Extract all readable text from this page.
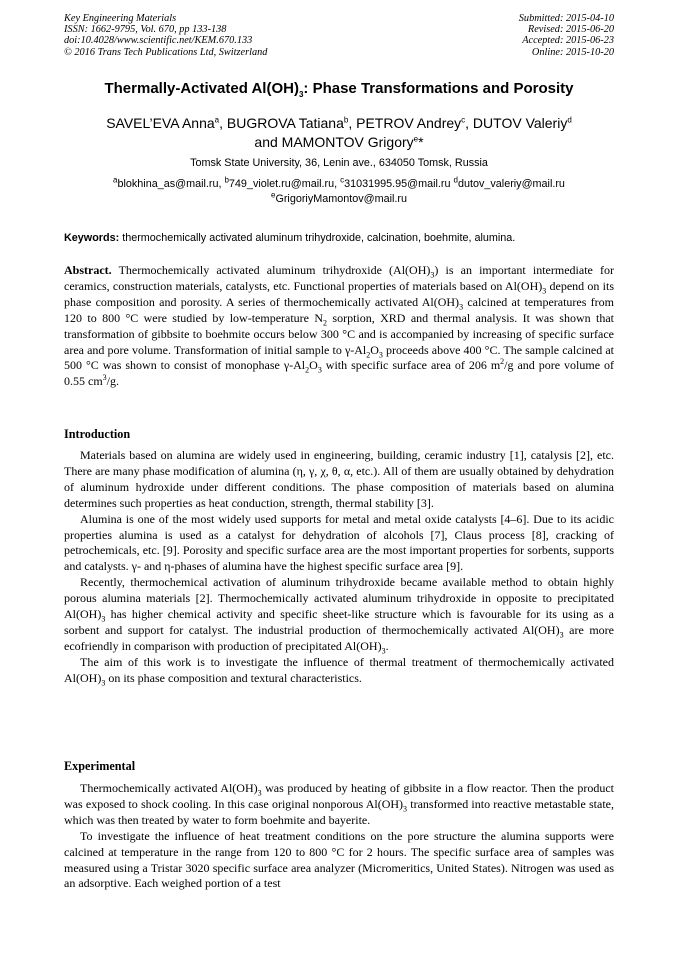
Key Engineering Materials
ISSN: 1662-9795, Vol. 670, pp 133-138
doi:10.4028/www.scientific.net/KEM.670.133
© 2016 Trans Tech Publications Ltd, Switzerland
Submitted: 2015-04-10
Revised: 2015-06-20
Accepted: 2015-06-23
Online: 2015-10-20
Thermally-Activated $Al(OH)_3$: Phase Transformations and Porosity
SAVEL’EVA Anna$^a$, BUGROVA Tatiana$^b$, PETROV Andrey$^c$, DUTOV Valeriy$^d$
and MAMONTOV Grigory$^e$*
Tomsk State University, 36, Lenin ave., 634050 Tomsk, Russia
$^a$blokhina_as@mail.ru, $^b$749_violet.ru@mail.ru, $^c$31031995.95@mail.ru $^d$dutov_valeriy@mail.ru
$^e$GrigoriyMamontov@mail.ru
Keywords: thermochemically activated aluminum trihydroxide, calcination, boehmite, alumina.

Abstract. Thermochemically activated aluminum trihydroxide $(Al(OH)_3)$ is an important intermediate for ceramics, construction materials, catalysts, etc. Functional properties of materials based on $Al(OH)_3$ depend on its phase composition and porosity. A series of thermochemically activated $Al(OH)_3$ calcined at temperatures from 120 to 800 °C were studied by low-temperature $N_2$ sorption, XRD and thermal analysis. It was shown that transformation of gibbsite to boehmite occurs below 300 °C and is accompanied by increasing of specific surface area and pore volume. Transformation of initial sample to $\gamma-Al_2O_3$ proceeds above 400 °C. The sample calcined at 500 °C was shown to consist of monophase $\gamma-Al_2O_3$ with specific surface area of 206 $m^2/g$ and pore volume of 0.55 $cm^3/g$.

Introduction

Materials based on alumina are widely used in engineering, building, ceramic industry [1], catalysis [2], etc. There are many phase modification of alumina (η, γ, χ, θ, α, etc.). All of them are usually obtained by dehydration of aluminum hydroxide under different conditions. The phase composition of materials based on alumina determines such properties as heat conduction, strength, thermal stability [3].

Alumina is one of the most widely used supports for metal and metal oxide catalysts [4–6]. Due to its acidic properties alumina is used as a catalyst for dehydration of alcohols [7], Claus process [8], cracking of petrochemicals, etc. [9]. Porosity and specific surface area are the most important properties for sorbents, supports and catalysts. γ- and η-phases of alumina have the highest specific surface area [9].

Recently, thermochemical activation of aluminum trihydroxide became available method to obtain highly porous alumina materials [2]. Thermochemically activated aluminum trihydroxide in opposite to precipitated $Al(OH)_3$ has higher chemical activity and specific sheet-like structure which is favourable for its using as a sorbent and support for catalyst. The industrial production of thermochemically activated $Al(OH)_3$ are more ecofriendly in comparison with production of precipitated $Al(OH)_3$.

The aim of this work is to investigate the influence of thermal treatment of thermochemically activated $Al(OH)_3$ on its phase composition and textural characteristics.

Experimental

Thermochemically activated $Al(OH)_3$ was produced by heating of gibbsite in a flow reactor. Then the product was exposed to shock cooling. In this case original nonporous $Al(OH)_3$ transformed into reactive metastable state, which was then treated by water to form boehmite and bayerite.

To investigate the influence of heat treatment conditions on the pore structure the alumina supports were calcined at temperature in the range from 120 to 800 °C for 2 hours. The specific surface area of samples was measured using a Tristar 3020 specific surface area analyzer (Micromeritics, United States). Nitrogen was used as an adsorptive. Each weighed portion of a test
